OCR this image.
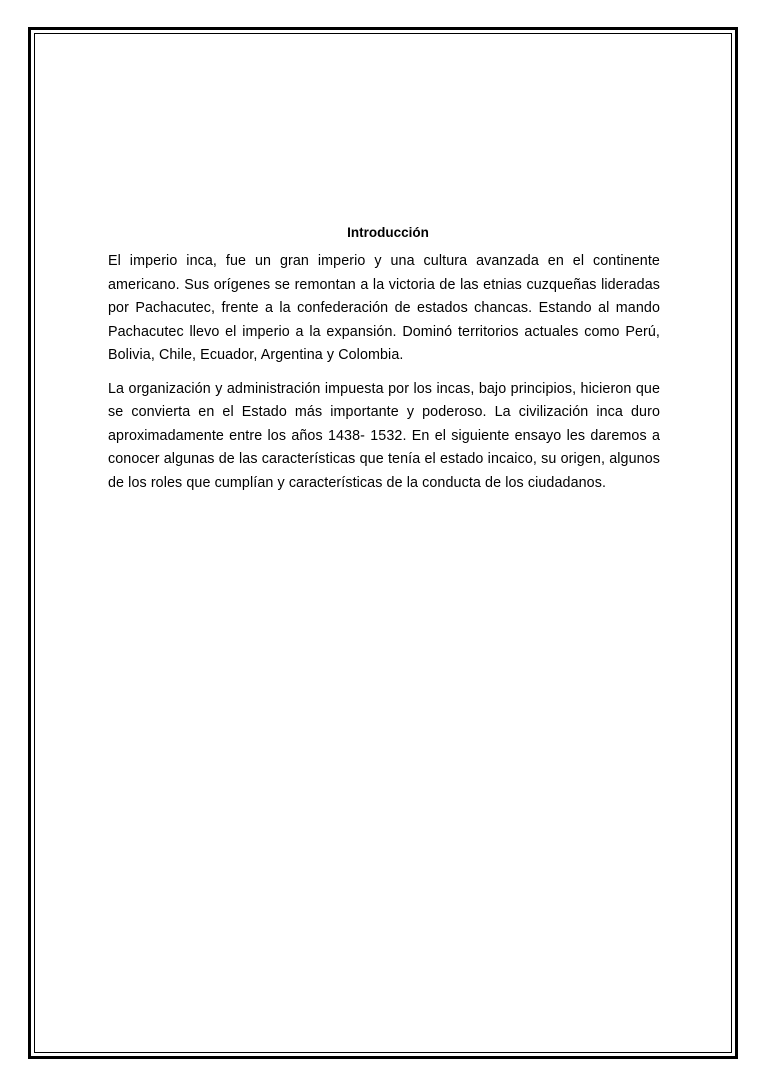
Introducción

El imperio inca, fue un gran imperio y una cultura avanzada en el continente americano. Sus orígenes se remontan a la victoria de las etnias cuzqueñas lideradas por Pachacutec, frente a la confederación de estados chancas. Estando al mando Pachacutec llevo el imperio a la expansión. Dominó territorios actuales como Perú, Bolivia, Chile, Ecuador, Argentina y Colombia.

La organización y administración impuesta por los incas, bajo principios, hicieron que se convierta en el Estado más importante y poderoso. La civilización inca duro aproximadamente entre los años 1438- 1532. En el siguiente ensayo les daremos a conocer algunas de las características que tenía el estado incaico, su origen, algunos de los roles que cumplían y características de la conducta de los ciudadanos.
